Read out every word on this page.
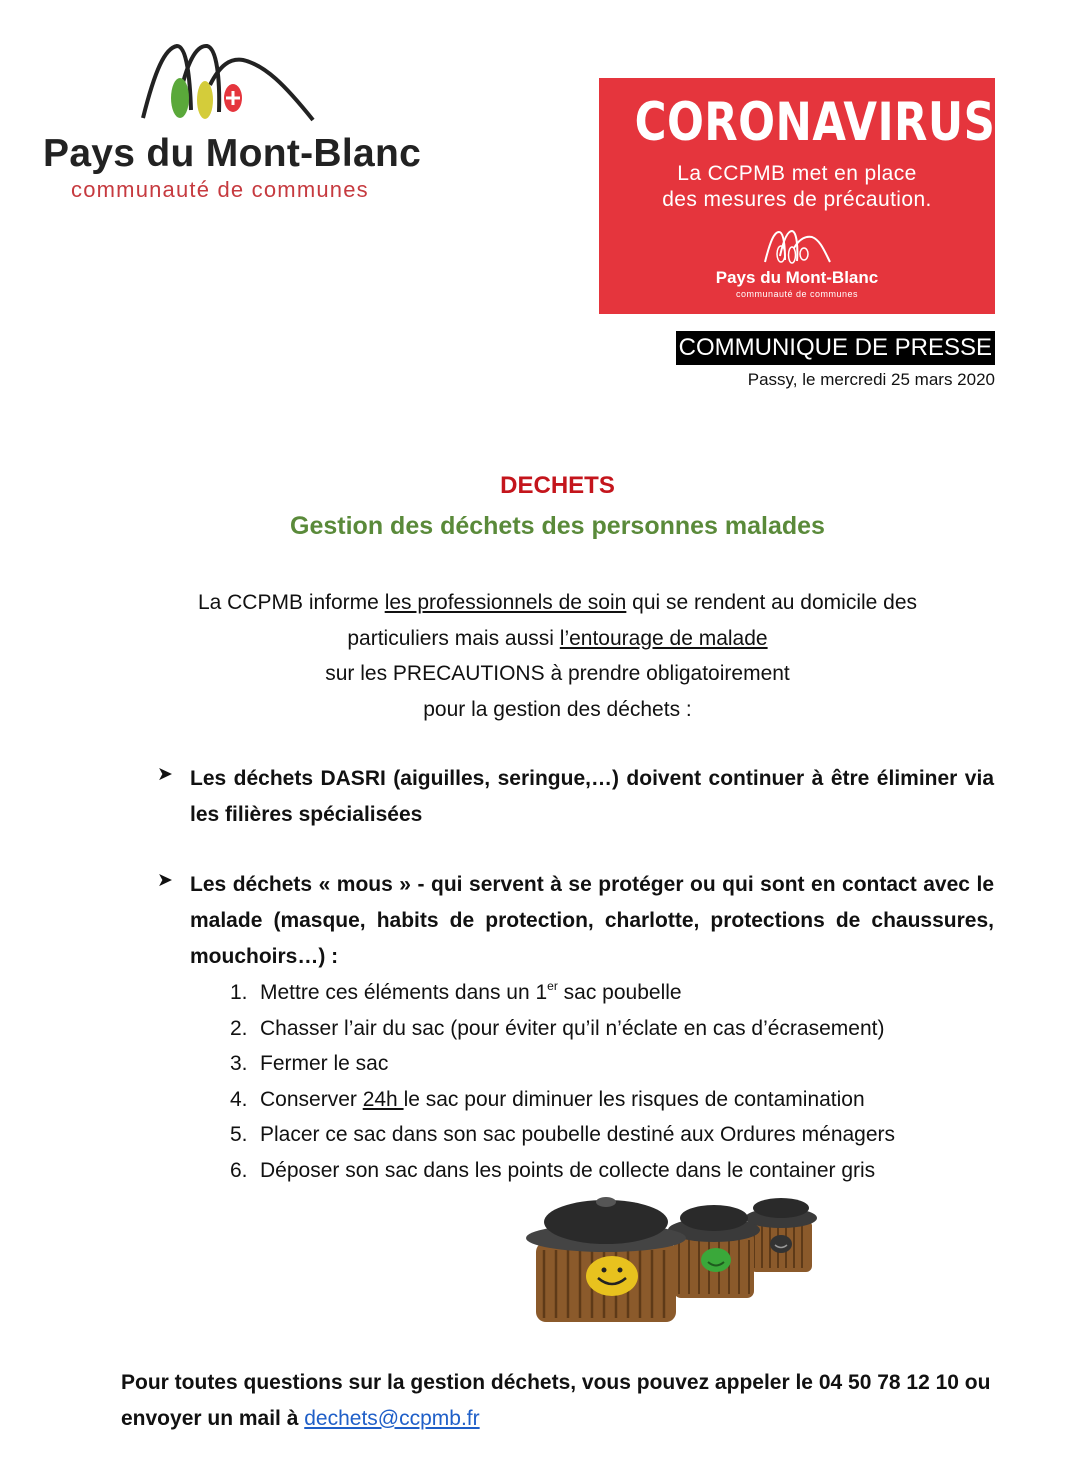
Pays du Mont-Blanc
communauté de communes
CORONAVIRUS
La CCPMB met en place
des mesures de précaution.
Pays du Mont-Blanc
communauté de communes
COMMUNIQUE DE PRESSE
Passy, le mercredi 25 mars 2020
DECHETS
Gestion des déchets des personnes malades
La CCPMB informe les professionnels de soin qui se rendent au domicile des
particuliers mais aussi l’entourage de malade
sur les PRECAUTIONS à prendre obligatoirement
pour la gestion des déchets :
➤ Les déchets DASRI (aiguilles, seringue,…) doivent continuer à être éliminer via les filières spécialisées
➤ Les déchets « mous » - qui servent à se protéger ou qui sont en contact avec le malade (masque, habits de protection, charlotte, protections de chaussures, mouchoirs…) :
1. Mettre ces éléments dans un 1er sac poubelle
2. Chasser l’air du sac (pour éviter qu’il n’éclate en cas d’écrasement)
3. Fermer le sac
4. Conserver 24h le sac pour diminuer les risques de contamination
5. Placer ce sac dans son sac poubelle destiné aux Ordures ménagers
6. Déposer son sac dans les points de collecte dans le container gris
Pour toutes questions sur la gestion déchets, vous pouvez appeler le 04 50 78 12 10 ou
envoyer un mail à dechets@ccpmb.fr
